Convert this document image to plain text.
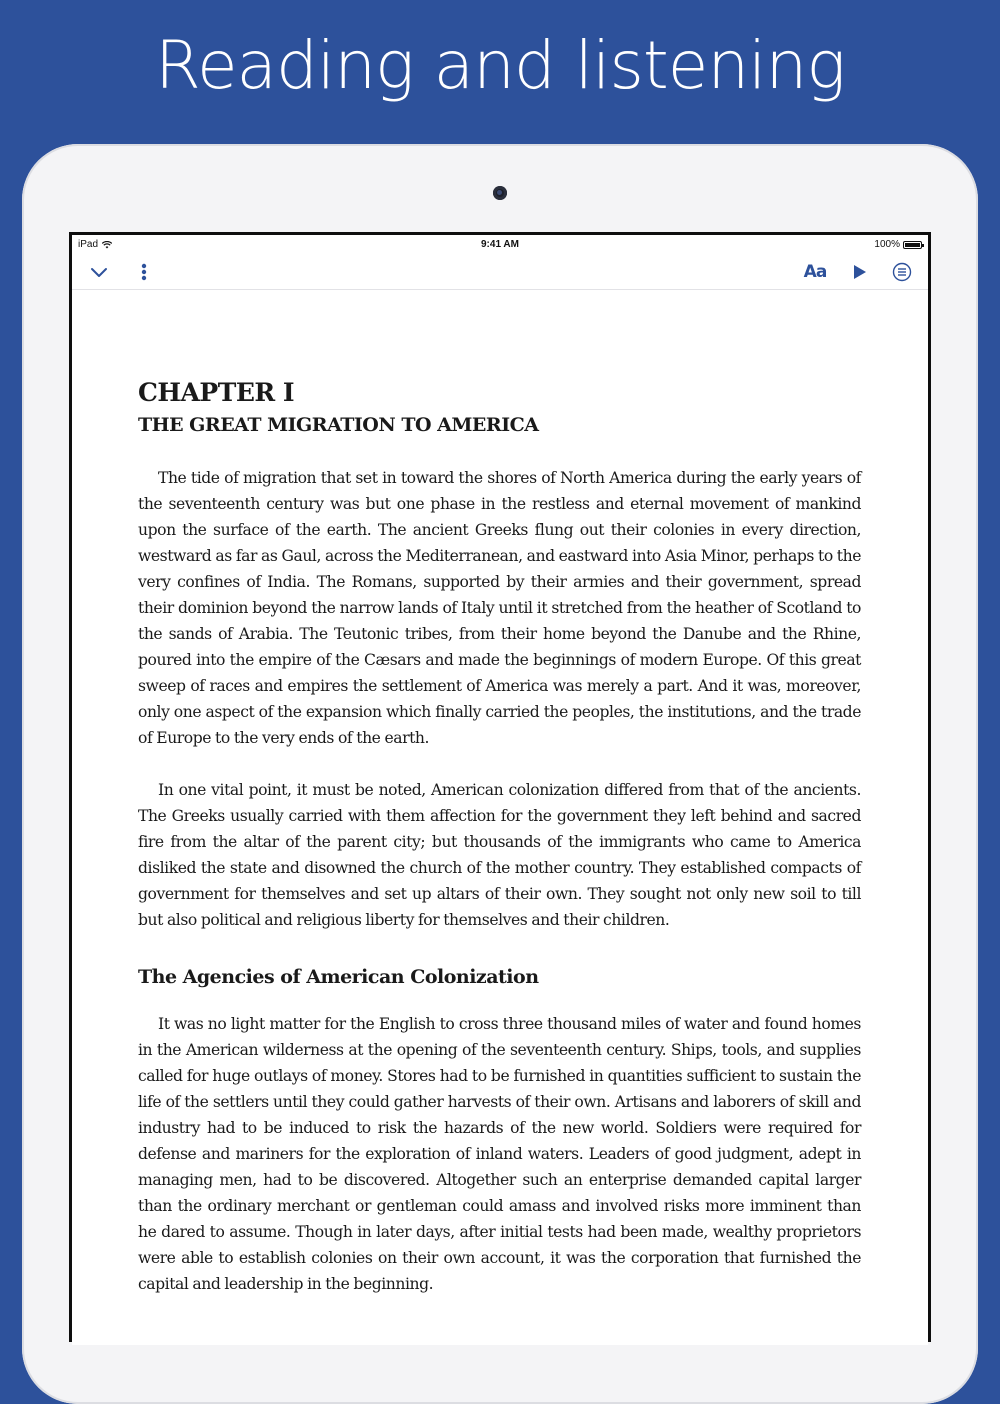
Reading and listening
iPad	9:41 AM	100%
Aa
CHAPTER I
THE GREAT MIGRATION TO AMERICA

The tide of migration that set in toward the shores of North America during the early years of the seventeenth century was but one phase in the restless and eternal movement of mankind upon the surface of the earth. The ancient Greeks flung out their colonies in every direction, westward as far as Gaul, across the Mediterranean, and eastward into Asia Minor, perhaps to the very confines of India. The Romans, supported by their armies and their government, spread their dominion beyond the narrow lands of Italy until it stretched from the heather of Scotland to the sands of Arabia. The Teutonic tribes, from their home beyond the Danube and the Rhine, poured into the empire of the Cæsars and made the beginnings of modern Europe. Of this great sweep of races and empires the settlement of America was merely a part. And it was, moreover, only one aspect of the expansion which finally carried the peoples, the institutions, and the trade of Europe to the very ends of the earth.

In one vital point, it must be noted, American colonization differed from that of the ancients. The Greeks usually carried with them affection for the government they left behind and sacred fire from the altar of the parent city; but thousands of the immigrants who came to America disliked the state and disowned the church of the mother country. They established compacts of government for themselves and set up altars of their own. They sought not only new soil to till but also political and religious liberty for themselves and their children.

The Agencies of American Colonization

It was no light matter for the English to cross three thousand miles of water and found homes in the American wilderness at the opening of the seventeenth century. Ships, tools, and supplies called for huge outlays of money. Stores had to be furnished in quantities sufficient to sustain the life of the settlers until they could gather harvests of their own. Artisans and laborers of skill and industry had to be induced to risk the hazards of the new world. Soldiers were required for defense and mariners for the exploration of inland waters. Leaders of good judgment, adept in managing men, had to be discovered. Altogether such an enterprise demanded capital larger than the ordinary merchant or gentleman could amass and involved risks more imminent than he dared to assume. Though in later days, after initial tests had been made, wealthy proprietors were able to establish colonies on their own account, it was the corporation that furnished the capital and leadership in the beginning.
